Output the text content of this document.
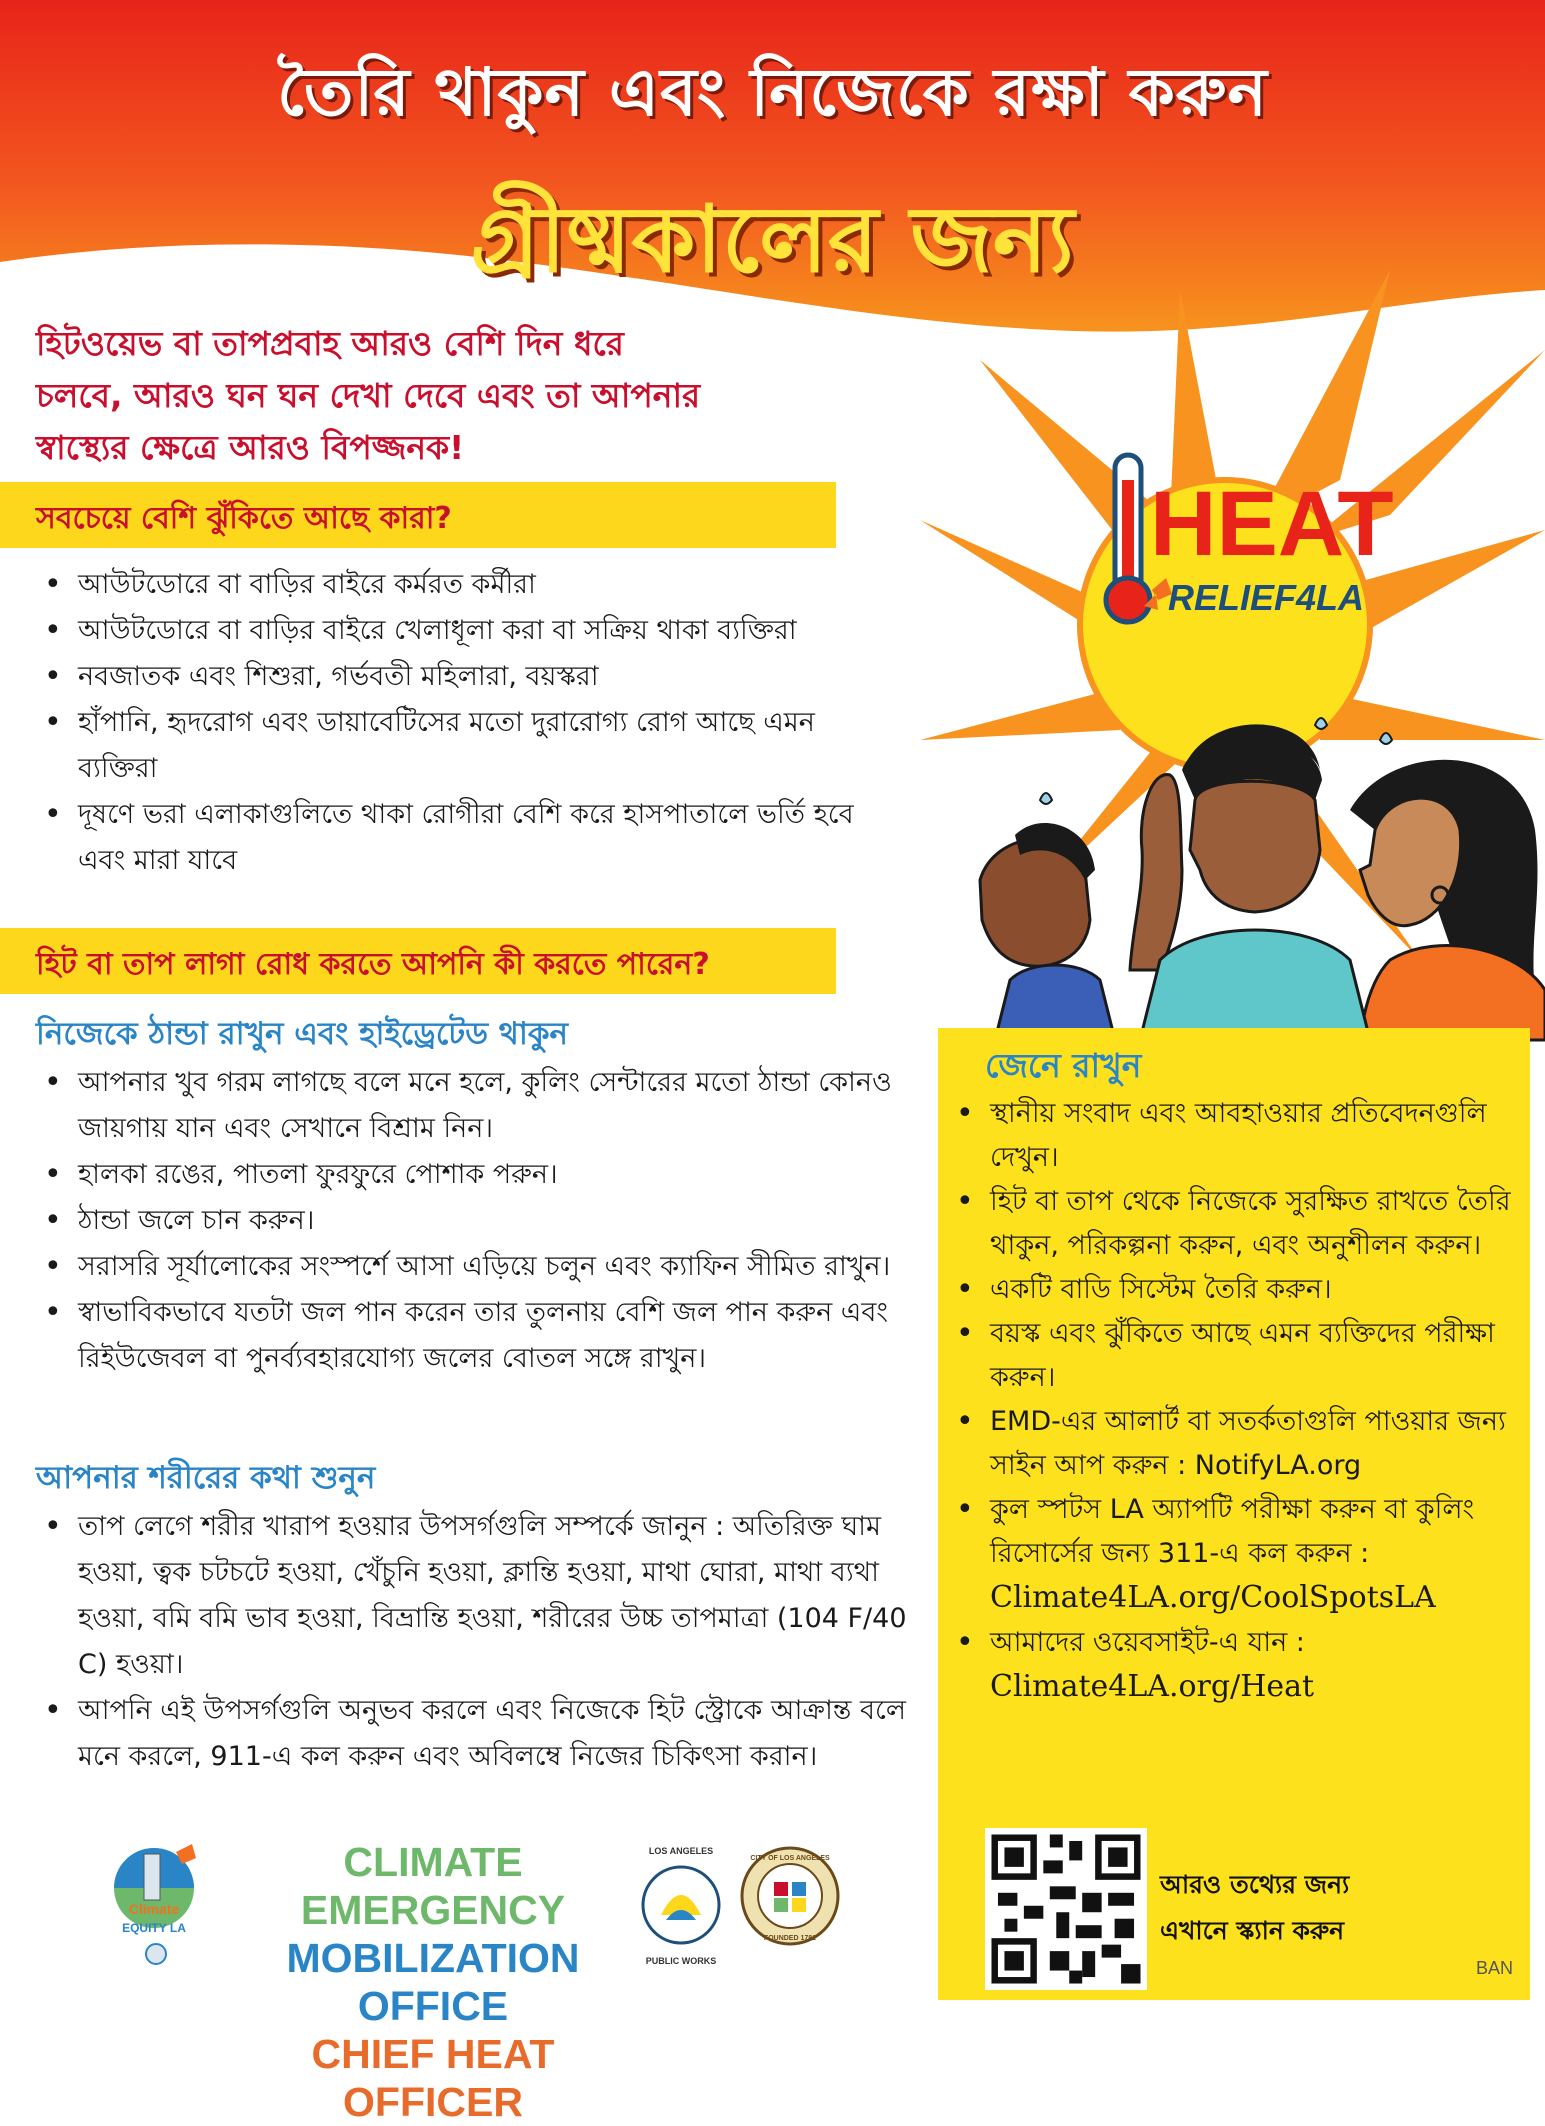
তৈরি থাকুন এবং নিজেকে রক্ষা করুন
গ্রীষ্মকালের জন্য
HEAT
RELIEF4LA
হিটওয়েভ বা তাপপ্রবাহ আরও বেশি দিন ধরে
চলবে, আরও ঘন ঘন দেখা দেবে এবং তা আপনার
স্বাস্থ্যের ক্ষেত্রে আরও বিপজ্জনক!
সবচেয়ে বেশি ঝুঁকিতে আছে কারা?
• আউটডোরে বা বাড়ির বাইরে কর্মরত কর্মীরা
• আউটডোরে বা বাড়ির বাইরে খেলাধূলা করা বা সক্রিয় থাকা ব্যক্তিরা
• নবজাতক এবং শিশুরা, গর্ভবতী মহিলারা, বয়স্করা
• হাঁপানি, হৃদরোগ এবং ডায়াবেটিসের মতো দুরারোগ্য রোগ আছে এমন ব্যক্তিরা
• দূষণে ভরা এলাকাগুলিতে থাকা রোগীরা বেশি করে হাসপাতালে ভর্তি হবে এবং মারা যাবে
হিট বা তাপ লাগা রোধ করতে আপনি কী করতে পারেন?
নিজেকে ঠান্ডা রাখুন এবং হাইড্রেটেড থাকুন
• আপনার খুব গরম লাগছে বলে মনে হলে, কুলিং সেন্টারের মতো ঠান্ডা কোনও জায়গায় যান এবং সেখানে বিশ্রাম নিন।
• হালকা রঙের, পাতলা ফুরফুরে পোশাক পরুন।
• ঠান্ডা জলে চান করুন।
• সরাসরি সূর্যালোকের সংস্পর্শে আসা এড়িয়ে চলুন এবং ক্যাফিন সীমিত রাখুন।
• স্বাভাবিকভাবে যতটা জল পান করেন তার তুলনায় বেশি জল পান করুন এবং রিইউজেবল বা পুনর্ব্যবহারযোগ্য জলের বোতল সঙ্গে রাখুন।
আপনার শরীরের কথা শুনুন
• তাপ লেগে শরীর খারাপ হওয়ার উপসর্গগুলি সম্পর্কে জানুন : অতিরিক্ত ঘাম হওয়া, ত্বক চটচটে হওয়া, খেঁচুনি হওয়া, ক্লান্তি হওয়া, মাথা ঘোরা, মাথা ব্যথা হওয়া, বমি বমি ভাব হওয়া, বিভ্রান্তি হওয়া, শরীরের উচ্চ তাপমাত্রা (104 F/40 C) হওয়া।
• আপনি এই উপসর্গগুলি অনুভব করলে এবং নিজেকে হিট স্ট্রোকে আক্রান্ত বলে মনে করলে, 911-এ কল করুন এবং অবিলম্বে নিজের চিকিৎসা করান।
জেনে রাখুন
• স্থানীয় সংবাদ এবং আবহাওয়ার প্রতিবেদনগুলি দেখুন।
• হিট বা তাপ থেকে নিজেকে সুরক্ষিত রাখতে তৈরি থাকুন, পরিকল্পনা করুন, এবং অনুশীলন করুন।
• একটি বাডি সিস্টেম তৈরি করুন।
• বয়স্ক এবং ঝুঁকিতে আছে এমন ব্যক্তিদের পরীক্ষা করুন।
• EMD-এর আলার্ট বা সতর্কতাগুলি পাওয়ার জন্য সাইন আপ করুন : NotifyLA.org
• কুল স্পটস LA অ্যাপটি পরীক্ষা করুন বা কুলিং রিসোর্সের জন্য 311-এ কল করুন :
Climate4LA.org/CoolSpotsLA
• আমাদের ওয়েবসাইট-এ যান :
Climate4LA.org/Heat
আরও তথ্যের জন্য
এখানে স্ক্যান করুন
BAN
Climate
EQUITY LA
CLIMATE EMERGENCY
MOBILIZATION OFFICE
CHIEF HEAT OFFICER
LOS ANGELES
PUBLIC WORKS
CITY OF LOS ANGELES
FOUNDED 1781
